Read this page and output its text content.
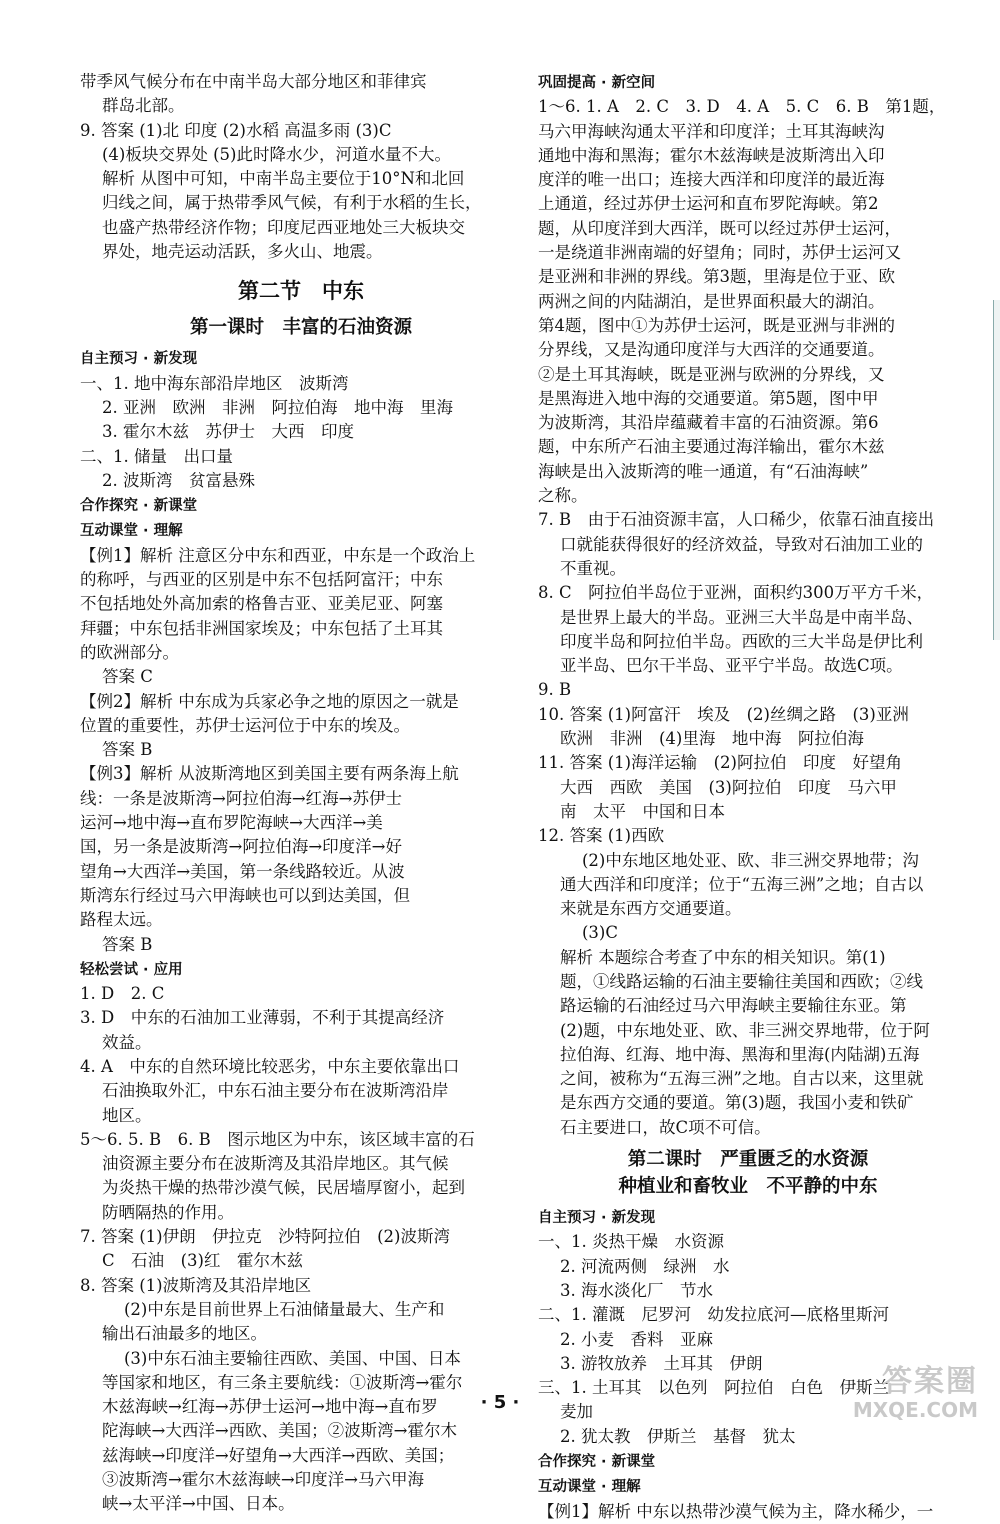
带季风气候分布在中南半岛大部分地区和菲律宾

群岛北部。

9. 答案 (1)北 印度 (2)水稻 高温多雨 (3)C

(4)板块交界处 (5)此时降水少，河道水量不大。

解析 从图中可知，中南半岛主要位于10°N和北回

归线之间，属于热带季风气候，有利于水稻的生长，

也盛产热带经济作物；印度尼西亚地处三大板块交

界处，地壳运动活跃，多火山、地震。

第二节　中东
第一课时　丰富的石油资源
自主预习 · 新发现

一、1. 地中海东部沿岸地区　波斯湾

2. 亚洲　欧洲　非洲　阿拉伯海　地中海　里海

3. 霍尔木兹　苏伊士　大西　印度

二、1. 储量　出口量

2. 波斯湾　贫富悬殊

合作探究 · 新课堂
互动课堂 · 理解

【例1】解析 注意区分中东和西亚，中东是一个政治上

的称呼，与西亚的区别是中东不包括阿富汗；中东

不包括地处外高加索的格鲁吉亚、亚美尼亚、阿塞

拜疆；中东包括非洲国家埃及；中东包括了土耳其

的欧洲部分。

答案 C

【例2】解析 中东成为兵家必争之地的原因之一就是

位置的重要性，苏伊士运河位于中东的埃及。

答案 B

【例3】解析 从波斯湾地区到美国主要有两条海上航

线：一条是波斯湾→阿拉伯海→红海→苏伊士

运河→地中海→直布罗陀海峡→大西洋→美

国，另一条是波斯湾→阿拉伯海→印度洋→好

望角→大西洋→美国，第一条线路较近。从波

斯湾东行经过马六甲海峡也可以到达美国，但

路程太远。

答案 B

轻松尝试 · 应用

1. D　2. C

3. D　中东的石油加工业薄弱，不利于其提高经济

效益。

4. A　中东的自然环境比较恶劣，中东主要依靠出口

石油换取外汇，中东石油主要分布在波斯湾沿岸

地区。

5～6. 5. B　6. B　图示地区为中东，该区域丰富的石

油资源主要分布在波斯湾及其沿岸地区。其气候

为炎热干燥的热带沙漠气候，民居墙厚窗小，起到

防晒隔热的作用。

7. 答案 (1)伊朗　伊拉克　沙特阿拉伯　(2)波斯湾

C　石油　(3)红　霍尔木兹

8. 答案 (1)波斯湾及其沿岸地区

(2)中东是目前世界上石油储量最大、生产和

输出石油最多的地区。

(3)中东石油主要输往西欧、美国、中国、日本

等国家和地区，有三条主要航线：①波斯湾→霍尔

木兹海峡→红海→苏伊士运河→地中海→直布罗

陀海峡→大西洋→西欧、美国；②波斯湾→霍尔木

兹海峡→印度洋→好望角→大西洋→西欧、美国；

③波斯湾→霍尔木兹海峡→印度洋→马六甲海

峡→太平洋→中国、日本。

巩固提高 · 新空间

1～6. 1. A　2. C　3. D　4. A　5. C　6. B　第1题，

马六甲海峡沟通太平洋和印度洋；土耳其海峡沟

通地中海和黑海；霍尔木兹海峡是波斯湾出入印

度洋的唯一出口；连接大西洋和印度洋的最近海

上通道，经过苏伊士运河和直布罗陀海峡。第2

题，从印度洋到大西洋，既可以经过苏伊士运河，

一是绕道非洲南端的好望角；同时，苏伊士运河又

是亚洲和非洲的界线。第3题，里海是位于亚、欧

两洲之间的内陆湖泊，是世界面积最大的湖泊。

第4题，图中①为苏伊士运河，既是亚洲与非洲的

分界线，又是沟通印度洋与大西洋的交通要道。

②是土耳其海峡，既是亚洲与欧洲的分界线，又

是黑海进入地中海的交通要道。第5题，图中甲

为波斯湾，其沿岸蕴藏着丰富的石油资源。第6

题，中东所产石油主要通过海洋输出，霍尔木兹

海峡是出入波斯湾的唯一通道，有“石油海峡”

之称。

7. B　由于石油资源丰富，人口稀少，依靠石油直接出

口就能获得很好的经济效益，导致对石油加工业的

不重视。

8. C　阿拉伯半岛位于亚洲，面积约300万平方千米，

是世界上最大的半岛。亚洲三大半岛是中南半岛、

印度半岛和阿拉伯半岛。西欧的三大半岛是伊比利

亚半岛、巴尔干半岛、亚平宁半岛。故选C项。

9. B

10. 答案 (1)阿富汗　埃及　(2)丝绸之路　(3)亚洲

欧洲　非洲　(4)里海　地中海　阿拉伯海

11. 答案 (1)海洋运输　(2)阿拉伯　印度　好望角

大西　西欧　美国　(3)阿拉伯　印度　马六甲

南　太平　中国和日本

12. 答案 (1)西欧

(2)中东地区地处亚、欧、非三洲交界地带；沟

通大西洋和印度洋；位于“五海三洲”之地；自古以

来就是东西方交通要道。

(3)C

解析 本题综合考查了中东的相关知识。第(1)

题，①线路运输的石油主要输往美国和西欧；②线

路运输的石油经过马六甲海峡主要输往东亚。第

(2)题，中东地处亚、欧、非三洲交界地带，位于阿

拉伯海、红海、地中海、黑海和里海(内陆湖)五海

之间，被称为“五海三洲”之地。自古以来，这里就

是东西方交通的要道。第(3)题，我国小麦和铁矿

石主要进口，故C项不可信。

第二课时　严重匮乏的水资源
种植业和畜牧业　不平静的中东
自主预习 · 新发现

一、1. 炎热干燥　水资源

2. 河流两侧　绿洲　水

3. 海水淡化厂　节水

二、1. 灌溉　尼罗河　幼发拉底河—底格里斯河

2. 小麦　香料　亚麻

3. 游牧放养　土耳其　伊朗

三、1. 土耳其　以色列　阿拉伯　白色　伊斯兰

麦加

2. 犹太教　伊斯兰　基督　犹太

合作探究 · 新课堂
互动课堂 · 理解

【例1】解析 中东以热带沙漠气候为主，降水稀少，一

· 5 ·
答案圈
MXQE.COM
